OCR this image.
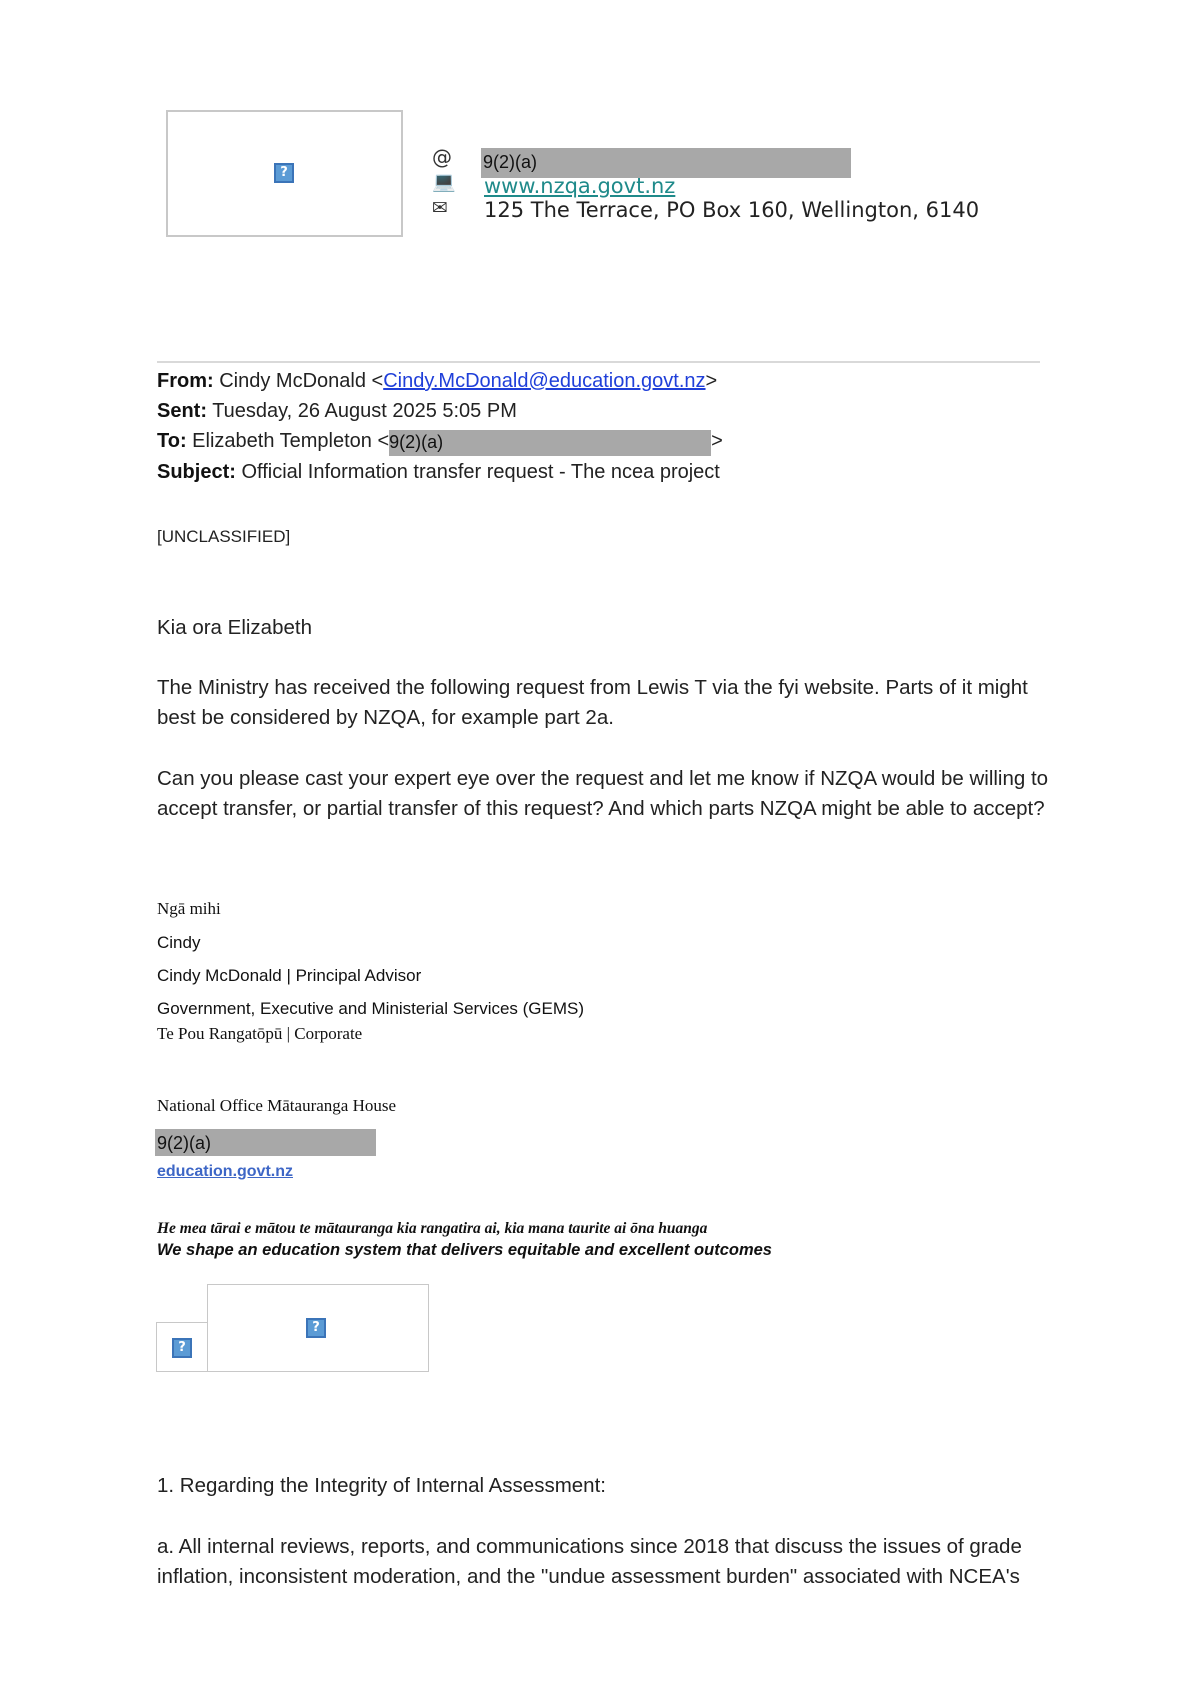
?
@
💻
✉
9(2)(a)
www.nzqa.govt.nz
125 The Terrace, PO Box 160, Wellington, 6140
From: Cindy McDonald <Cindy.McDonald@education.govt.nz>
Sent: Tuesday, 26 August 2025 5:05 PM
To: Elizabeth Templeton <9(2)(a)	>
Subject: Official Information transfer request - The ncea project
[UNCLASSIFIED]
Kia ora Elizabeth
The Ministry has received the following request from Lewis T via the fyi website. Parts of it might best be considered by NZQA, for example part 2a.
Can you please cast your expert eye over the request and let me know if NZQA would be willing to accept transfer, or partial transfer of this request? And which parts NZQA might be able to accept?
Ngā mihi
Cindy
Cindy McDonald | Principal Advisor
Government, Executive and Ministerial Services (GEMS)
Te Pou Rangatōpū | Corporate
National Office Mātauranga House
9(2)(a)
education.govt.nz
He mea tārai e mātou te mātauranga kia rangatira ai, kia mana taurite ai ōna huanga
We shape an education system that delivers equitable and excellent outcomes
?
?
1. Regarding the Integrity of Internal Assessment:
a. All internal reviews, reports, and communications since 2018 that discuss the issues of grade inflation, inconsistent moderation, and the "undue assessment burden" associated with NCEA's
